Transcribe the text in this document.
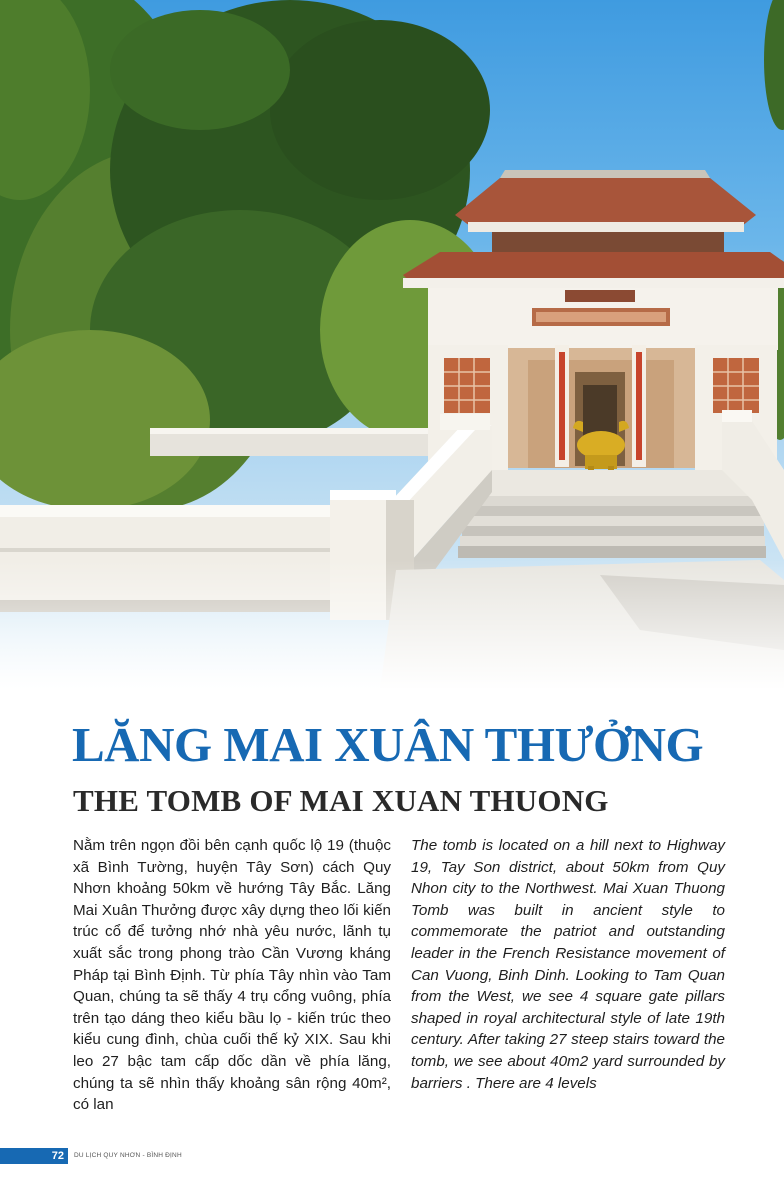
LĂNG MAI XUÂN THƯỞNG
THE TOMB OF MAI XUAN THUONG

Nằm trên ngọn đồi bên cạnh quốc lộ 19 (thuộc xã Bình Tường, huyện Tây Sơn) cách Quy Nhơn khoảng 50km về hướng Tây Bắc. Lăng Mai Xuân Thưởng được xây dựng theo lối kiến trúc cổ để tưởng nhớ nhà yêu nước, lãnh tụ xuất sắc trong phong trào Cần Vương kháng Pháp tại Bình Định. Từ phía Tây nhìn vào Tam Quan, chúng ta sẽ thấy 4 trụ cổng vuông, phía trên tạo dáng theo kiểu bầu lọ - kiến trúc theo kiểu cung đình, chùa cuối thế kỷ XIX. Sau khi leo 27 bậc tam cấp dốc dần về phía lăng, chúng ta sẽ nhìn thấy khoảng sân rộng 40m², có lan

The tomb is located on a hill next to Highway 19, Tay Son district, about 50km from Quy Nhon city to the Northwest. Mai Xuan Thuong Tomb was built in ancient style to commemorate the patriot and outstanding leader in the French Resistance movement of Can Vuong, Binh Dinh. Looking to Tam Quan from the West, we see 4 square gate pillars shaped in royal architectural style of late 19th century. After taking 27 steep stairs toward the tomb, we see about 40m2 yard surrounded by barriers . There are 4 levels

72 DU LỊCH QUY NHƠN - BÌNH ĐỊNH
